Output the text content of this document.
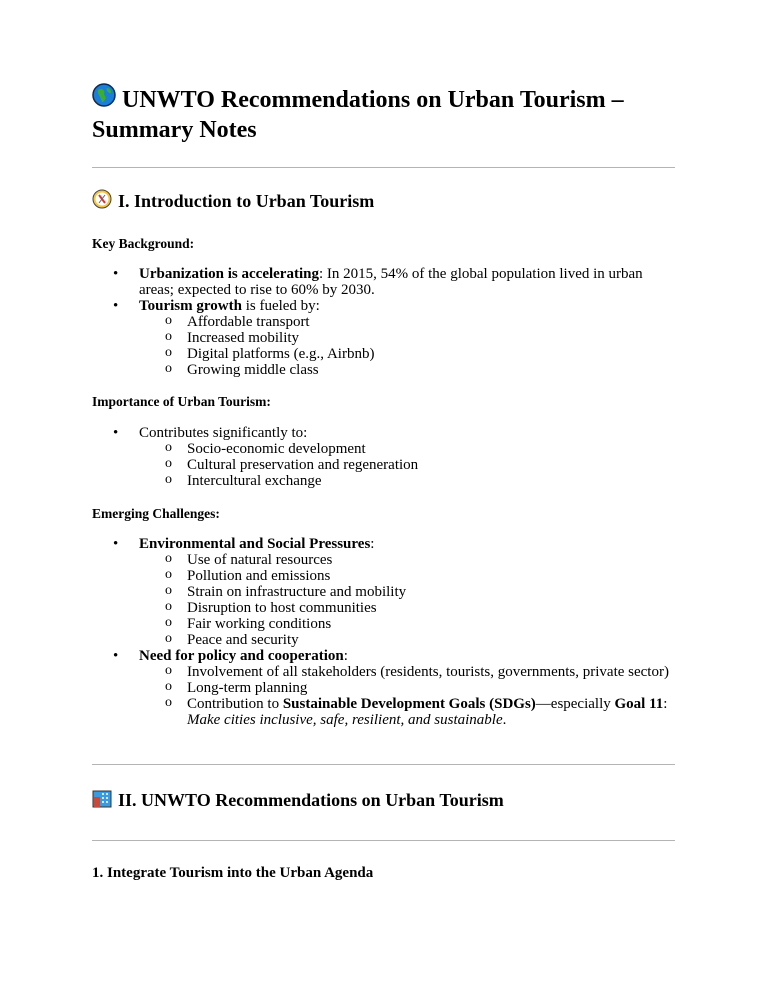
UNWTO Recommendations on Urban Tourism – Summary Notes
I. Introduction to Urban Tourism
Key Background:
• Urbanization is accelerating: In 2015, 54% of the global population lived in urban areas; expected to rise to 60% by 2030.
• Tourism growth is fueled by:
o Affordable transport
o Increased mobility
o Digital platforms (e.g., Airbnb)
o Growing middle class
Importance of Urban Tourism:
• Contributes significantly to:
o Socio-economic development
o Cultural preservation and regeneration
o Intercultural exchange
Emerging Challenges:
• Environmental and Social Pressures:
o Use of natural resources
o Pollution and emissions
o Strain on infrastructure and mobility
o Disruption to host communities
o Fair working conditions
o Peace and security
• Need for policy and cooperation:
o Involvement of all stakeholders (residents, tourists, governments, private sector)
o Long-term planning
o Contribution to Sustainable Development Goals (SDGs)—especially Goal 11: Make cities inclusive, safe, resilient, and sustainable.
II. UNWTO Recommendations on Urban Tourism
1. Integrate Tourism into the Urban Agenda
